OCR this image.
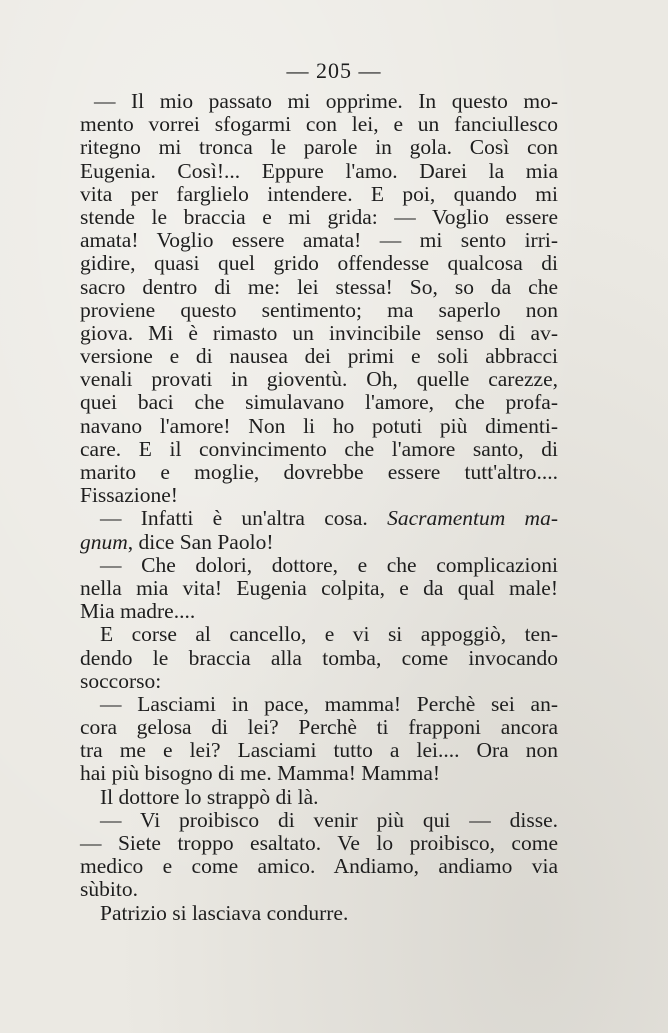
— 205 —
— Il mio passato mi opprime. In questo mo-
mento vorrei sfogarmi con lei, e un fanciullesco
ritegno mi tronca le parole in gola. Così con
Eugenia. Così!... Eppure l'amo. Darei la mia
vita per farglielo intendere. E poi, quando mi
stende le braccia e mi grida: — Voglio essere
amata! Voglio essere amata! — mi sento irri-
gidire, quasi quel grido offendesse qualcosa di
sacro dentro di me: lei stessa! So, so da che
proviene questo sentimento; ma saperlo non
giova. Mi è rimasto un invincibile senso di av-
versione e di nausea dei primi e soli abbracci
venali provati in gioventù. Oh, quelle carezze,
quei baci che simulavano l'amore, che profa-
navano l'amore! Non li ho potuti più dimenti-
care. E il convincimento che l'amore santo, di
marito e moglie, dovrebbe essere tutt'altro....
Fissazione!
— Infatti è un'altra cosa. Sacramentum ma-
gnum, dice San Paolo!
— Che dolori, dottore, e che complicazioni
nella mia vita! Eugenia colpita, e da qual male!
Mia madre....
E corse al cancello, e vi si appoggiò, ten-
dendo le braccia alla tomba, come invocando
soccorso:
— Lasciami in pace, mamma! Perchè sei an-
cora gelosa di lei? Perchè ti frapponi ancora
tra me e lei? Lasciami tutto a lei.... Ora non
hai più bisogno di me. Mamma! Mamma!
Il dottore lo strappò di là.
— Vi proibisco di venir più qui — disse.
— Siete troppo esaltato. Ve lo proibisco, come
medico e come amico. Andiamo, andiamo via
sùbito.
Patrizio si lasciava condurre.
